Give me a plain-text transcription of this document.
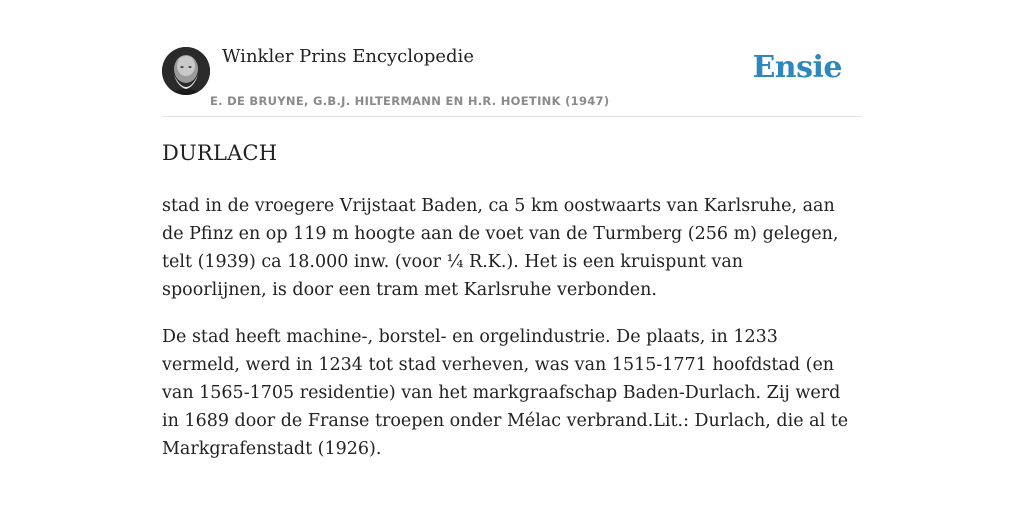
Winkler Prins Encyclopedie
E. DE BRUYNE, G.B.J. HILTERMANN EN H.R. HOETINK (1947)
Ensie
DURLACH

stad in de vroegere Vrijstaat Baden, ca 5 km oostwaarts van Karlsruhe, aan de Pfinz en op 119 m hoogte aan de voet van de Turmberg (256 m) gelegen, telt (1939) ca 18.000 inw. (voor ¼ R.K.). Het is een kruispunt van spoorlijnen, is door een tram met Karlsruhe verbonden.

De stad heeft machine-, borstel- en orgelindustrie. De plaats, in 1233 vermeld, werd in 1234 tot stad verheven, was van 1515-1771 hoofdstad (en van 1565-1705 residentie) van het markgraafschap Baden-Durlach. Zij werd in 1689 door de Franse troepen onder Mélac verbrand.Lit.: Durlach, die al te Markgrafenstadt (1926).
